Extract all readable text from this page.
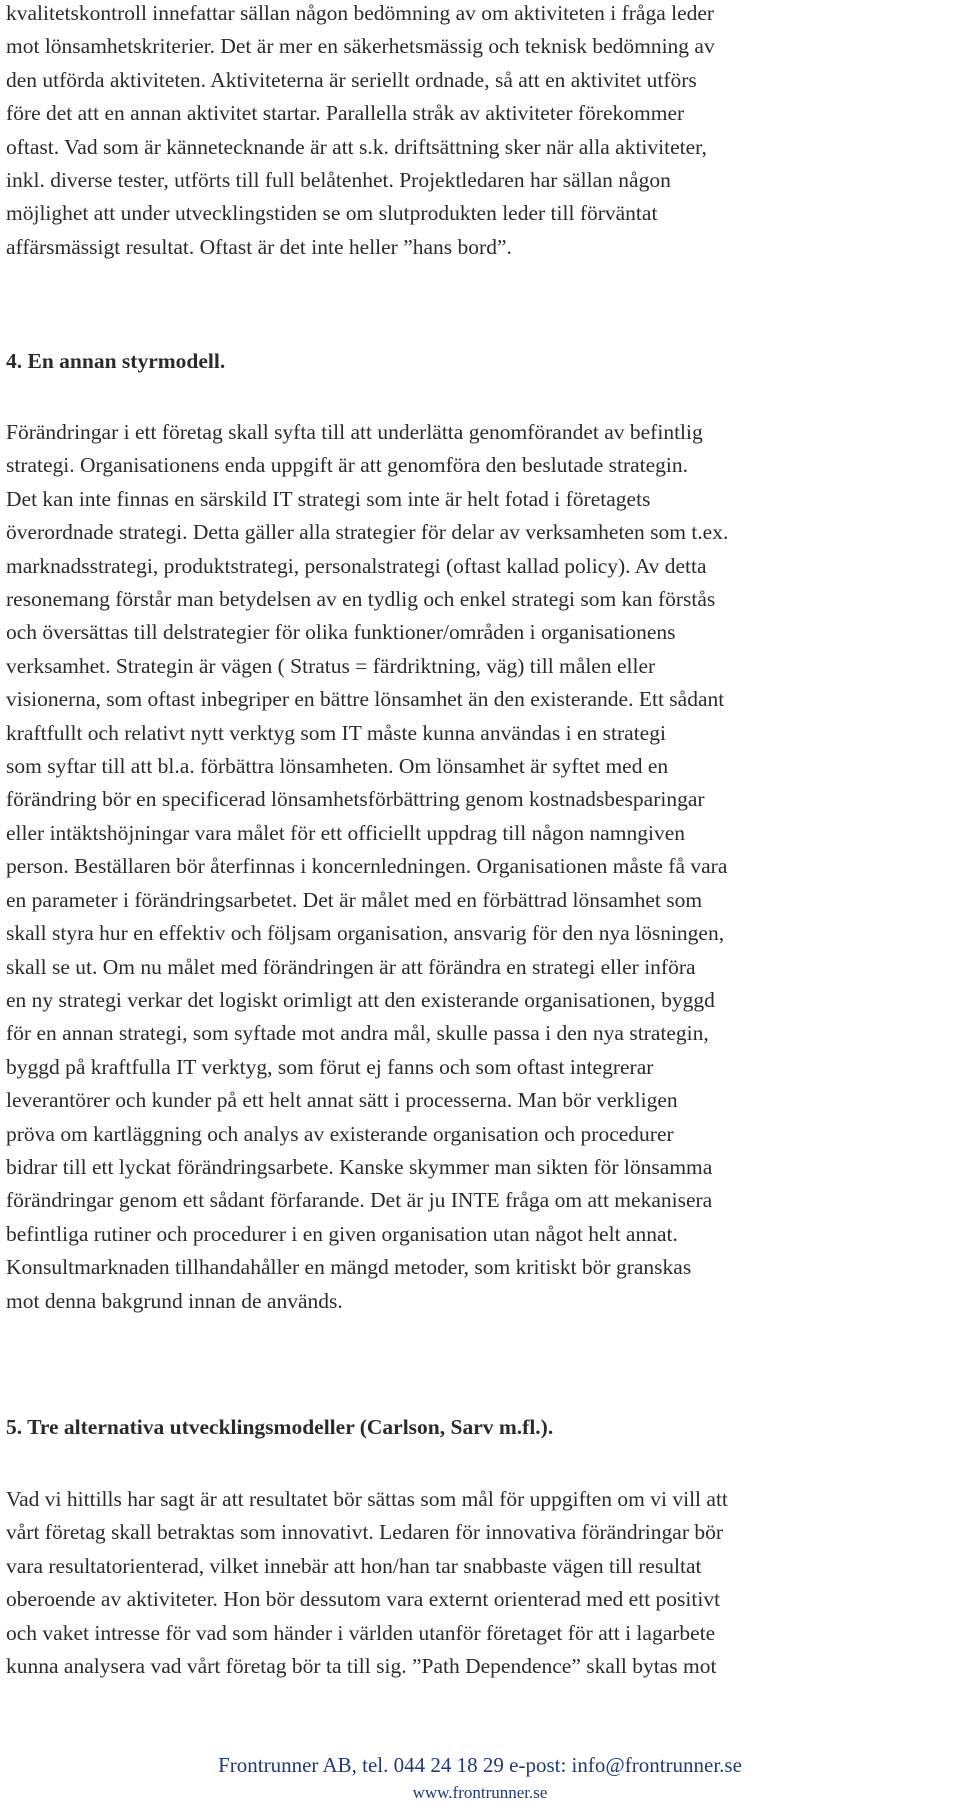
kvalitetskontroll innefattar sällan någon bedömning av om aktiviteten i fråga leder
mot lönsamhetskriterier. Det är mer en säkerhetsmässig och teknisk bedömning av
den utförda aktiviteten. Aktiviteterna är seriellt ordnade, så att en aktivitet utförs
före det att en annan aktivitet startar. Parallella stråk av aktiviteter förekommer
oftast. Vad som är kännetecknande är att s.k. driftsättning sker när alla aktiviteter,
inkl. diverse tester, utförts till full belåtenhet. Projektledaren har sällan någon
möjlighet att under utvecklingstiden se om slutprodukten leder till förväntat
affärsmässigt resultat. Oftast är det inte heller ”hans bord”.
4. En annan styrmodell.
Förändringar i ett företag skall syfta till att underlätta genomförandet av befintlig
strategi. Organisationens enda uppgift är att genomföra den beslutade strategin.
Det kan inte finnas en särskild IT strategi som inte är helt fotad i företagets
överordnade strategi. Detta gäller alla strategier för delar av verksamheten som t.ex.
marknadsstrategi, produktstrategi, personalstrategi (oftast kallad policy). Av detta
resonemang förstår man betydelsen av en tydlig och enkel strategi som kan förstås
och översättas till delstrategier för olika funktioner/områden i organisationens
verksamhet. Strategin är vägen ( Stratus = färdriktning, väg) till målen eller
visionerna, som oftast inbegriper en bättre lönsamhet än den existerande. Ett sådant
kraftfullt och relativt nytt verktyg som IT måste kunna användas i en strategi
som syftar till att bl.a. förbättra lönsamheten. Om lönsamhet är syftet med en
förändring bör en specificerad lönsamhetsförbättring genom kostnadsbesparingar
eller intäktshöjningar vara målet för ett officiellt uppdrag till någon namngiven
person. Beställaren bör återfinnas i koncernledningen. Organisationen måste få vara
en parameter i förändringsarbetet. Det är målet med en förbättrad lönsamhet som
skall styra hur en effektiv och följsam organisation, ansvarig för den nya lösningen,
skall se ut. Om nu målet med förändringen är att förändra en strategi eller införa
en ny strategi verkar det logiskt orimligt att den existerande organisationen, byggd
för en annan strategi, som syftade mot andra mål, skulle passa i den nya strategin,
byggd på kraftfulla IT verktyg, som förut ej fanns och som oftast integrerar
leverantörer och kunder på ett helt annat sätt i processerna. Man bör verkligen
pröva om kartläggning och analys av existerande organisation och procedurer
bidrar till ett lyckat förändringsarbete. Kanske skymmer man sikten för lönsamma
förändringar genom ett sådant förfarande. Det är ju INTE fråga om att mekanisera
befintliga rutiner och procedurer i en given organisation utan något helt annat.
Konsultmarknaden tillhandahåller en mängd metoder, som kritiskt bör granskas
mot denna bakgrund innan de används.
5. Tre alternativa utvecklingsmodeller (Carlson, Sarv m.fl.).
Vad vi hittills har sagt är att resultatet bör sättas som mål för uppgiften om vi vill att
vårt företag skall betraktas som innovativt. Ledaren för innovativa förändringar bör
vara resultatorienterad, vilket innebär att hon/han tar snabbaste vägen till resultat
oberoende av aktiviteter. Hon bör dessutom vara externt orienterad med ett positivt
och vaket intresse för vad som händer i världen utanför företaget för att i lagarbete
kunna analysera vad vårt företag bör ta till sig. ”Path Dependence” skall bytas mot
Frontrunner AB, tel. 044 24 18 29 e-post: info@frontrunner.se
www.frontrunner.se
